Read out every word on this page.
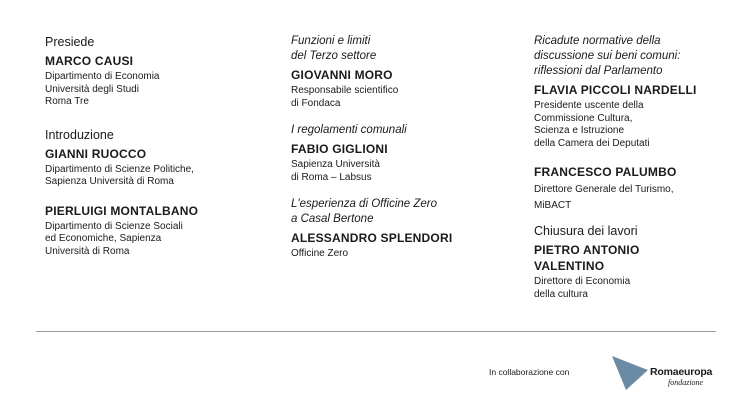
Presiede

MARCO CAUSI

Dipartimento di Economia
Università degli Studi
Roma Tre

Introduzione

GIANNI RUOCCO

Dipartimento di Scienze Politiche,
Sapienza Università di Roma

PIERLUIGI MONTALBANO

Dipartimento di Scienze Sociali
ed Economiche, Sapienza
Università di Roma

Funzioni e limiti
del Terzo settore

GIOVANNI MORO

Responsabile scientifico
di Fondaca

I regolamenti comunali

FABIO GIGLIONI

Sapienza Università
di Roma – Labsus

L'esperienza di Officine Zero
a Casal Bertone

ALESSANDRO SPLENDORI

Officine Zero

Ricadute normative della
discussione sui beni comuni:
riflessioni dal Parlamento

FLAVIA PICCOLI NARDELLI

Presidente uscente della
Commissione Cultura,
Scienza e Istruzione
della Camera dei Deputati

FRANCESCO PALUMBO

Direttore Generale del Turismo,
MiBACT

Chiusura dei lavori

PIETRO ANTONIO
VALENTINO

Direttore di Economia
della cultura

In collaborazione con	Romaeuropa
fondazione
